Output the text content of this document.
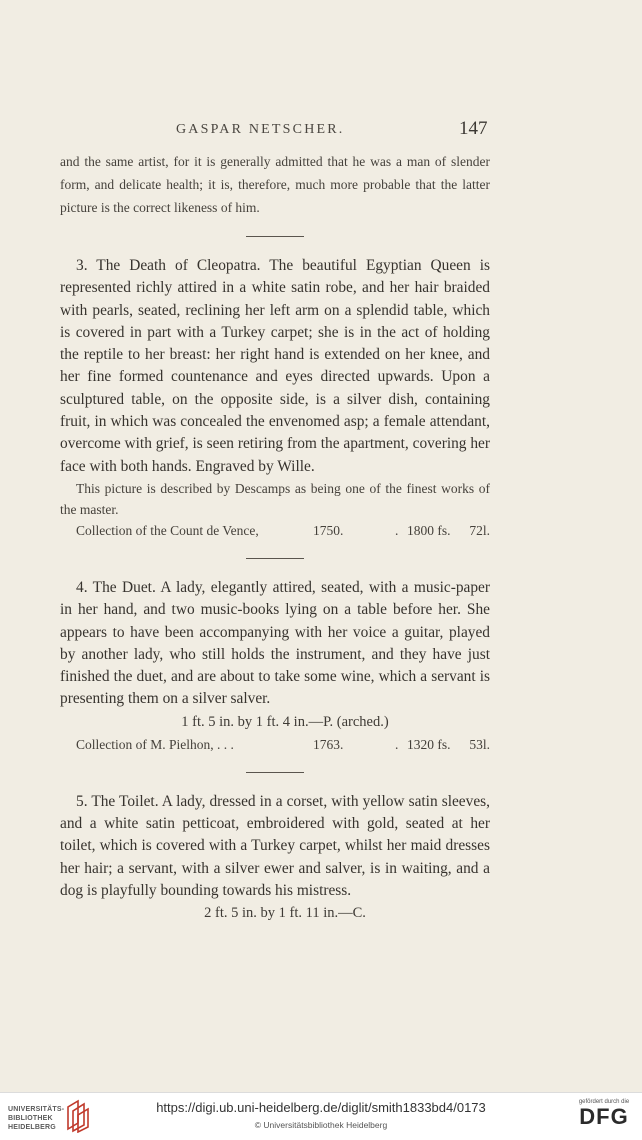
GASPAR NETSCHER.	147

and the same artist, for it is generally admitted that he was a man of slender form, and delicate health; it is, therefore, much more probable that the latter picture is the correct likeness of him.

3. The Death of Cleopatra. The beautiful Egyptian Queen is represented richly attired in a white satin robe, and her hair braided with pearls, seated, reclining her left arm on a splendid table, which is covered in part with a Turkey carpet; she is in the act of holding the reptile to her breast: her right hand is extended on her knee, and her fine formed countenance and eyes directed upwards. Upon a sculptured table, on the opposite side, is a silver dish, containing fruit, in which was concealed the envenomed asp; a female attendant, overcome with grief, is seen retiring from the apartment, covering her face with both hands. Engraved by Wille.

This picture is described by Descamps as being one of the finest works of the master.

Collection of the Count de Vence,	1750.	. 1800 fs.	72l.

4. The Duet. A lady, elegantly attired, seated, with a music-paper in her hand, and two music-books lying on a table before her. She appears to have been accompanying with her voice a guitar, played by another lady, who still holds the instrument, and they have just finished the duet, and are about to take some wine, which a servant is presenting them on a silver salver.

1 ft. 5 in. by 1 ft. 4 in.—P. (arched.)
Collection of M. Pielhon, . . .	1763.	. 1320 fs.	53l.

5. The Toilet. A lady, dressed in a corset, with yellow satin sleeves, and a white satin petticoat, embroidered with gold, seated at her toilet, which is covered with a Turkey carpet, whilst her maid dresses her hair; a servant, with a silver ewer and salver, is in waiting, and a dog is playfully bounding towards his mistress.

2 ft. 5 in. by 1 ft. 11 in.—C.
UNIVERSITÄTS-
BIBLIOTHEK
HEIDELBERG
https://digi.ub.uni-heidelberg.de/diglit/smith1833bd4/0173
© Universitätsbibliothek Heidelberg
gefördert durch die
DFG
